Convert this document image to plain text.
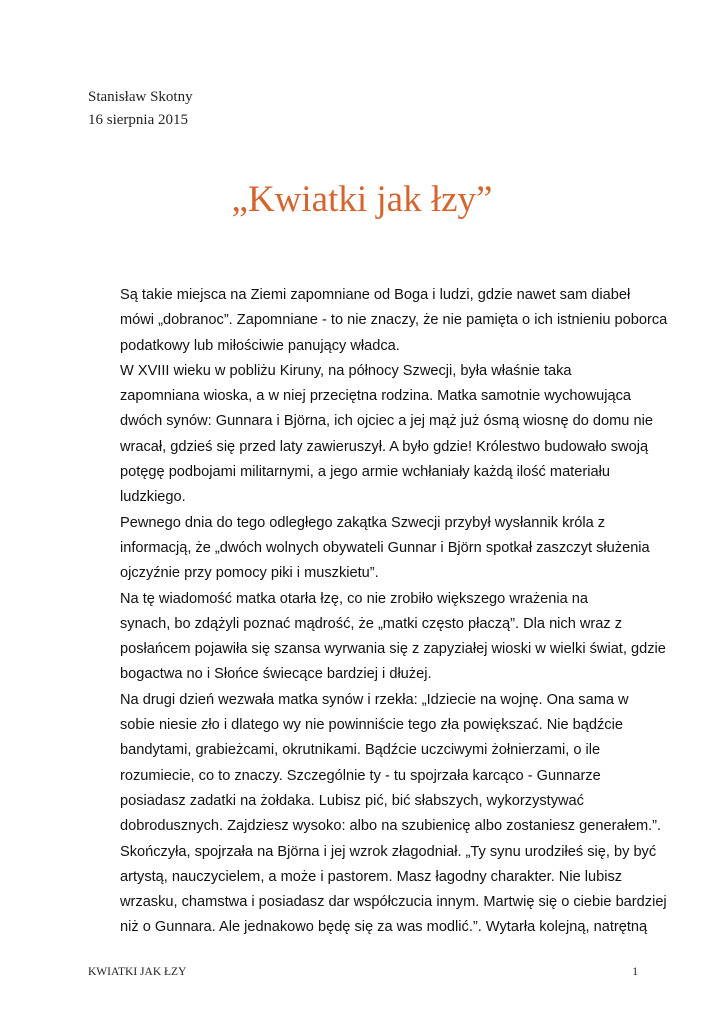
Stanisław Skotny
16 sierpnia 2015
„Kwiatki jak łzy”

Są takie miejsca na Ziemi zapomniane od Boga i ludzi, gdzie nawet sam diabeł
mówi „dobranoc”. Zapomniane - to nie znaczy, że nie pamięta o ich istnieniu poborca
podatkowy lub miłościwie panujący władca.

W XVIII wieku w pobliżu Kiruny, na północy Szwecji, była właśnie taka
zapomniana wioska, a w niej przeciętna rodzina. Matka samotnie wychowująca
dwóch synów: Gunnara i Björna, ich ojciec a jej mąż już ósmą wiosnę do domu nie
wracał, gdzieś się przed laty zawieruszył. A było gdzie! Królestwo budowało swoją
potęgę podbojami militarnymi, a jego armie wchłaniały każdą ilość materiału
ludzkiego.

Pewnego dnia do tego odległego zakątka Szwecji przybył wysłannik króla z
informacją, że „dwóch wolnych obywateli Gunnar i Björn spotkał zaszczyt służenia
ojczyźnie przy pomocy piki i muszkietu”.

Na tę wiadomość matka otarła łzę, co nie zrobiło większego wrażenia na
synach, bo zdążyli poznać mądrość, że „matki często płaczą”. Dla nich wraz z
posłańcem pojawiła się szansa wyrwania się z zapyziałej wioski w wielki świat, gdzie
bogactwa no i Słońce świecące bardziej i dłużej.

Na drugi dzień wezwała matka synów i rzekła: „Idziecie na wojnę. Ona sama w
sobie niesie zło i dlatego wy nie powinniście tego zła powiększać. Nie bądźcie
bandytami, grabieżcami, okrutnikami. Bądźcie uczciwymi żołnierzami, o ile
rozumiecie, co to znaczy. Szczególnie ty - tu spojrzała karcąco - Gunnarze
posiadasz zadatki na żołdaka. Lubisz pić, bić słabszych, wykorzystywać
dobrodusznych. Zajdziesz wysoko: albo na szubienicę albo zostaniesz generałem.”.
Skończyła, spojrzała na Björna i jej wzrok złagodniał. „Ty synu urodziłeś się, by być
artystą, nauczycielem, a może i pastorem. Masz łagodny charakter. Nie lubisz
wrzasku, chamstwa i posiadasz dar współczucia innym. Martwię się o ciebie bardziej
niż o Gunnara. Ale jednakowo będę się za was modlić.”. Wytarła kolejną, natrętną

KWIATKI JAK ŁZY	1
